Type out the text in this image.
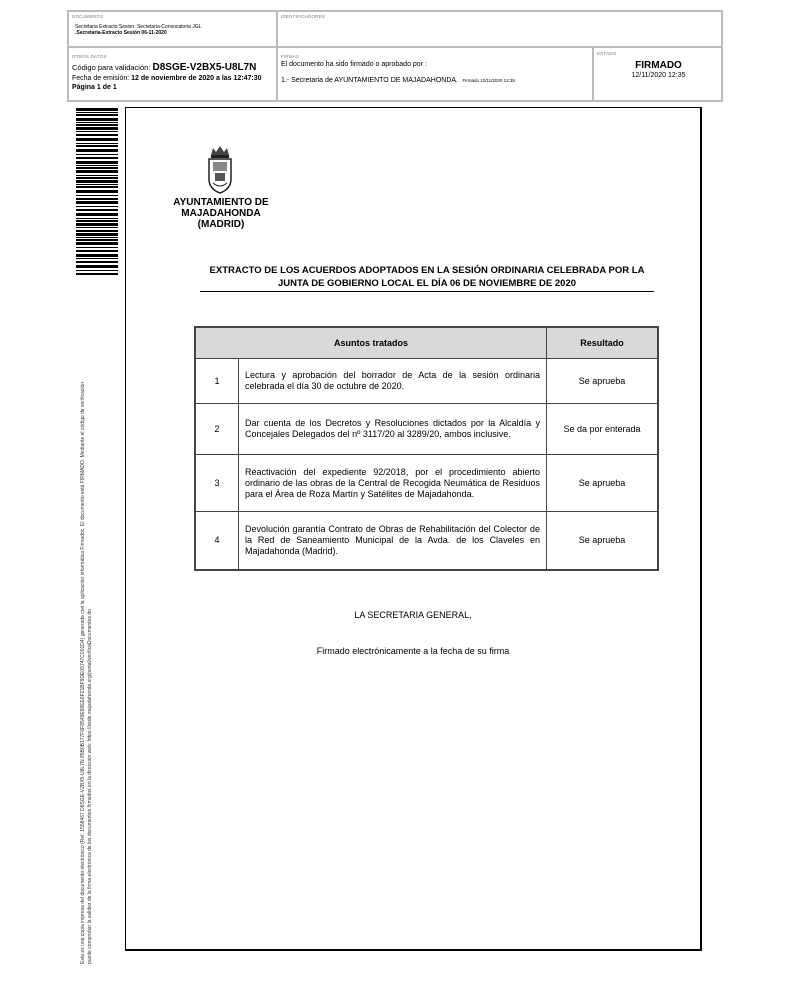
DOCUMENTO
Secretaria Extracto Sesion: Secretaria-Convocatoria JGL
.Secretaria-Extracto Sesión 06-11-2020
IDENTIFICADORES
OTROS DATOS
Código para validación: D8SGE-V2BX5-U8L7N
Fecha de emisión: 12 de noviembre de 2020 a las 12:47:30
Página 1 de 1
FIRMAS
El documento ha sido firmado o aprobado por :
1.- Secretaria de AYUNTAMIENTO DE MAJADAHONDA. Firmado 12/11/2020 12:35
ESTADO
FIRMADO
12/11/2020 12:35
Esta es una copia impresa del documento electrónico (Ref: 1558467 D8SGE-V2BX5-U8L7N 85B0B177F6F8549E98EE6F21BF9DE05747C001D4) generada con la aplicación informática Firmadoc. El documento está FIRMADO. Mediante el código de verificación puede comprobar la validez de la firma electrónica de los documentos firmados en la dirección web: https://sede.majadahonda.org/portal/verificaDocumentos.do
AYUNTAMIENTO DE
MAJADAHONDA
(MADRID)
EXTRACTO DE LOS ACUERDOS ADOPTADOS EN LA SESIÓN ORDINARIA CELEBRADA POR LA
JUNTA DE GOBIERNO LOCAL EL DÍA 06 DE NOVIEMBRE DE 2020
Asuntos tratados		Resultado
1	Lectura y aprobación del borrador de Acta de la sesión ordinaria celebrada el día 30 de octubre de 2020.	Se aprueba
2	Dar cuenta de los Decretos y Resoluciones dictados por la Alcaldía y Concejales Delegados del nº 3117/20 al 3289/20, ambos inclusive.	Se da por enterada
3	Reactivación del expediente 92/2018, por el procedimiento abierto ordinario de las obras de la Central de Recogida Neumática de Residuos para el Área de Roza Martín y Satélites de Majadahonda.	Se aprueba
4	Devolución garantía Contrato de Obras de Rehabilitación del Colector de la Red de Saneamiento Municipal de la Avda. de los Claveles en Majadahonda (Madrid).	Se aprueba
LA SECRETARIA GENERAL,
Firmado electrónicamente a la fecha de su firma
